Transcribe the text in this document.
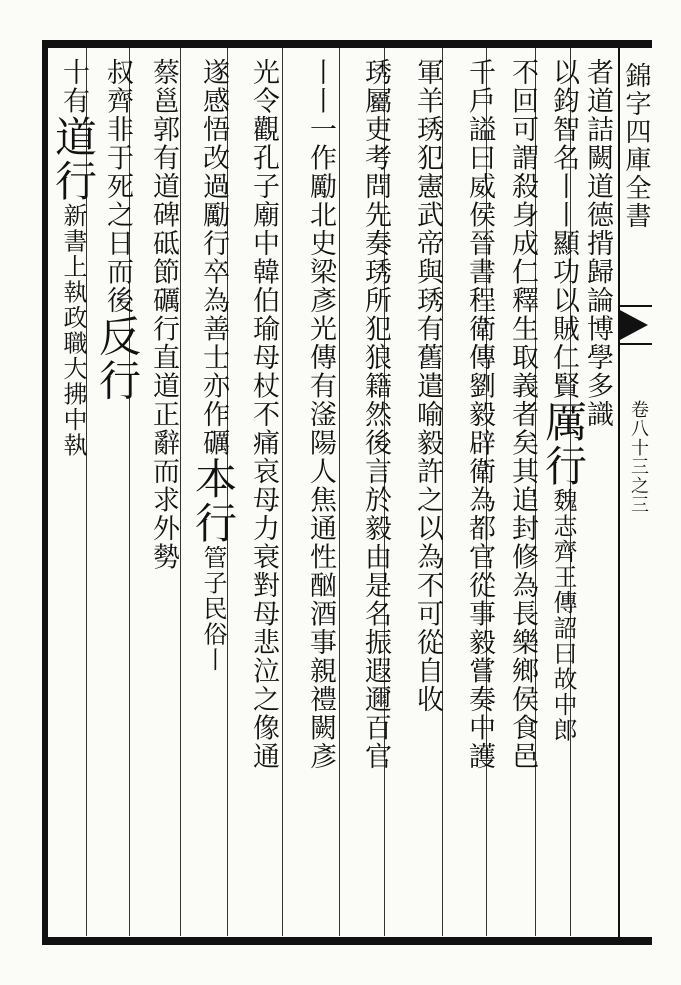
錦字四庫全書
卷八十三之三
者道詰闕道德揹歸論博學多識
以鈞智名丨丨顯功以賊仁賢厲行魏志齊王傳詔曰故中郎
不回可謂殺身成仁釋生取義者矣其追封修為長樂鄉侯食邑
千戶謚曰威侯晉書程衛傳劉毅辟衛為都官從事毅嘗奏中護
軍羊琇犯憲武帝與琇有舊遣喻毅許之以為不可從自收
琇屬吏考問先奏琇所犯狼籍然後言於毅由是名振遐邇百官
丨丨一作勵北史梁彥光傳有滏陽人焦通性酗酒事親禮闕彥
光令觀孔子廟中韓伯瑜母杖不痛哀母力衰對母悲泣之像通
遂感悟改過勵行卒為善士亦作礪本行管子民俗丨
蔡邕郭有道碑砥節礪行直道正辭而求外勢
叔齊非于死之日而後反行
十有道行新書上執政職大拂中執
